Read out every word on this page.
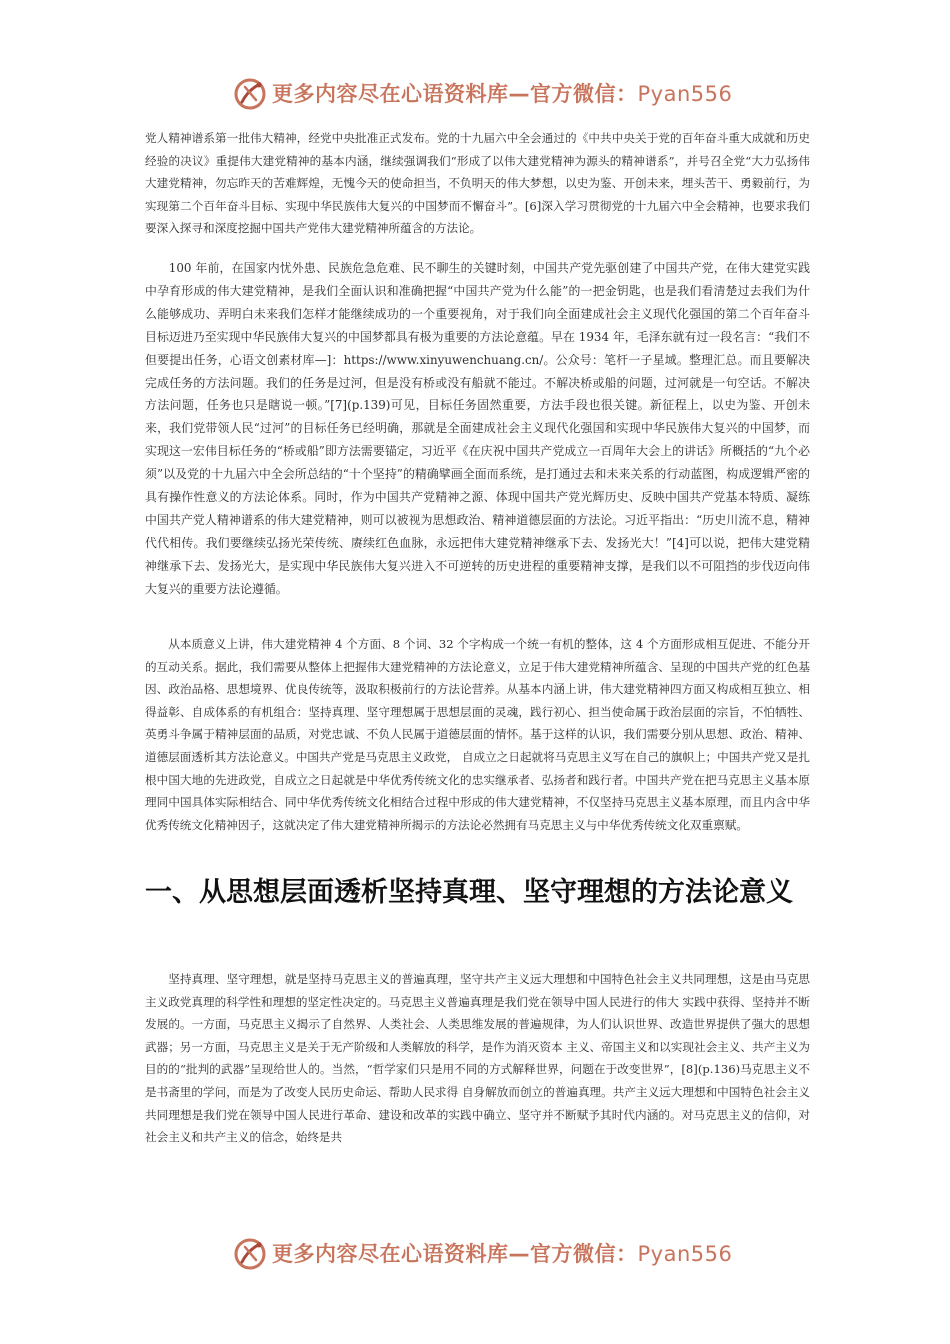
更多内容尽在心语资料库—官方微信：Pyan556

党人精神谱系第一批伟大精神，经党中央批准正式发布。党的十九届六中全会通过的《中共中央关于党的百年奋斗重大成就和历史经验的决议》重提伟大建党精神的基本内涵，继续强调我们“形成了以伟大建党精神为源头的精神谱系”，并号召全党“大力弘扬伟大建党精神，勿忘昨天的苦难辉煌，无愧今天的使命担当，不负明天的伟大梦想，以史为鉴、开创未来，埋头苦干、勇毅前行，为实现第二个百年奋斗目标、实现中华民族伟大复兴的中国梦而不懈奋斗”。[6]深入学习贯彻党的十九届六中全会精神，也要求我们要深入探寻和深度挖掘中国共产党伟大建党精神所蕴含的方法论。

100 年前，在国家内忧外患、民族危急危难、民不聊生的关键时刻，中国共产党先驱创建了中国共产党，在伟大建党实践中孕育形成的伟大建党精神，是我们全面认识和准确把握“中国共产党为什么能”的一把金钥匙，也是我们看清楚过去我们为什么能够成功、弄明白未来我们怎样才能继续成功的一个重要视角，对于我们向全面建成社会主义现代化强国的第二个百年奋斗目标迈进乃至实现中华民族伟大复兴的中国梦都具有极为重要的方法论意蕴。早在 1934 年，毛泽东就有过一段名言：“我们不但要提出任务，心语文创素材库—]：https://www.xinyuwenchuang.cn/。公众号：笔杆一子星域。整理汇总。而且要解决完成任务的方法问题。我们的任务是过河，但是没有桥或没有船就不能过。不解决桥或船的问题，过河就是一句空话。不解决方法问题，任务也只是瞎说一顿。”[7](p.139)可见，目标任务固然重要，方法手段也很关键。新征程上，以史为鉴、开创未来，我们党带领人民“过河”的目标任务已经明确，那就是全面建成社会主义现代化强国和实现中华民族伟大复兴的中国梦，而实现这一宏伟目标任务的“桥或船”即方法需要锚定，习近平《在庆祝中国共产党成立一百周年大会上的讲话》所概括的“九个必须”以及党的十九届六中全会所总结的“十个坚持”的精确擘画全面而系统，是打通过去和未来关系的行动蓝图，构成逻辑严密的具有操作性意义的方法论体系。同时，作为中国共产党精神之源、体现中国共产党光辉历史、反映中国共产党基本特质、凝练中国共产党人精神谱系的伟大建党精神，则可以被视为思想政治、精神道德层面的方法论。习近平指出：“历史川流不息，精神代代相传。我们要继续弘扬光荣传统、赓续红色血脉，永远把伟大建党精神继承下去、发扬光大！”[4]可以说，把伟大建党精神继承下去、发扬光大，是实现中华民族伟大复兴进入不可逆转的历史进程的重要精神支撑，是我们以不可阻挡的步伐迈向伟大复兴的重要方法论遵循。

从本质意义上讲，伟大建党精神 4 个方面、8 个词、32 个字构成一个统一有机的整体，这 4 个方面形成相互促进、不能分开的互动关系。据此，我们需要从整体上把握伟大建党精神的方法论意义，立足于伟大建党精神所蕴含、呈现的中国共产党的红色基因、政治品格、思想境界、优良传统等，汲取积极前行的方法论营养。从基本内涵上讲，伟大建党精神四方面又构成相互独立、相得益彰、自成体系的有机组合：坚持真理、坚守理想属于思想层面的灵魂，践行初心、担当使命属于政治层面的宗旨，不怕牺牲、英勇斗争属于精神层面的品质，对党忠诚、不负人民属于道德层面的情怀。基于这样的认识，我们需要分别从思想、政治、精神、道德层面透析其方法论意义。中国共产党是马克思主义政党， 自成立之日起就将马克思主义写在自己的旗帜上；中国共产党又是扎根中国大地的先进政党，自成立之日起就是中华优秀传统文化的忠实继承者、弘扬者和践行者。中国共产党在把马克思主义基本原理同中国具体实际相结合、同中华优秀传统文化相结合过程中形成的伟大建党精神，不仅坚持马克思主义基本原理，而且内含中华优秀传统文化精神因子，这就决定了伟大建党精神所揭示的方法论必然拥有马克思主义与中华优秀传统文化双重禀赋。

一、从思想层面透析坚持真理、坚守理想的方法论意义

坚持真理、坚守理想，就是坚持马克思主义的普遍真理，坚守共产主义远大理想和中国特色社会主义共同理想，这是由马克思主义政党真理的科学性和理想的坚定性决定的。马克思主义普遍真理是我们党在领导中国人民进行的伟大 实践中获得、坚持并不断发展的。一方面，马克思主义揭示了自然界、人类社会、人类思维发展的普遍规律，为人们认识世界、改造世界提供了强大的思想武器；另一方面，马克思主义是关于无产阶级和人类解放的科学，是作为消灭资本 主义、帝国主义和以实现社会主义、共产主义为目的的“批判的武器”呈现给世人的。当然，“哲学家们只是用不同的方式解释世界，问题在于改变世界”，[8](p.136)马克思主义不是书斋里的学问，而是为了改变人民历史命运、帮助人民求得 自身解放而创立的普遍真理。共产主义远大理想和中国特色社会主义共同理想是我们党在领导中国人民进行革命、建设和改革的实践中确立、坚守并不断赋予其时代内涵的。对马克思主义的信仰，对社会主义和共产主义的信念，始终是共

更多内容尽在心语资料库—官方微信：Pyan556
